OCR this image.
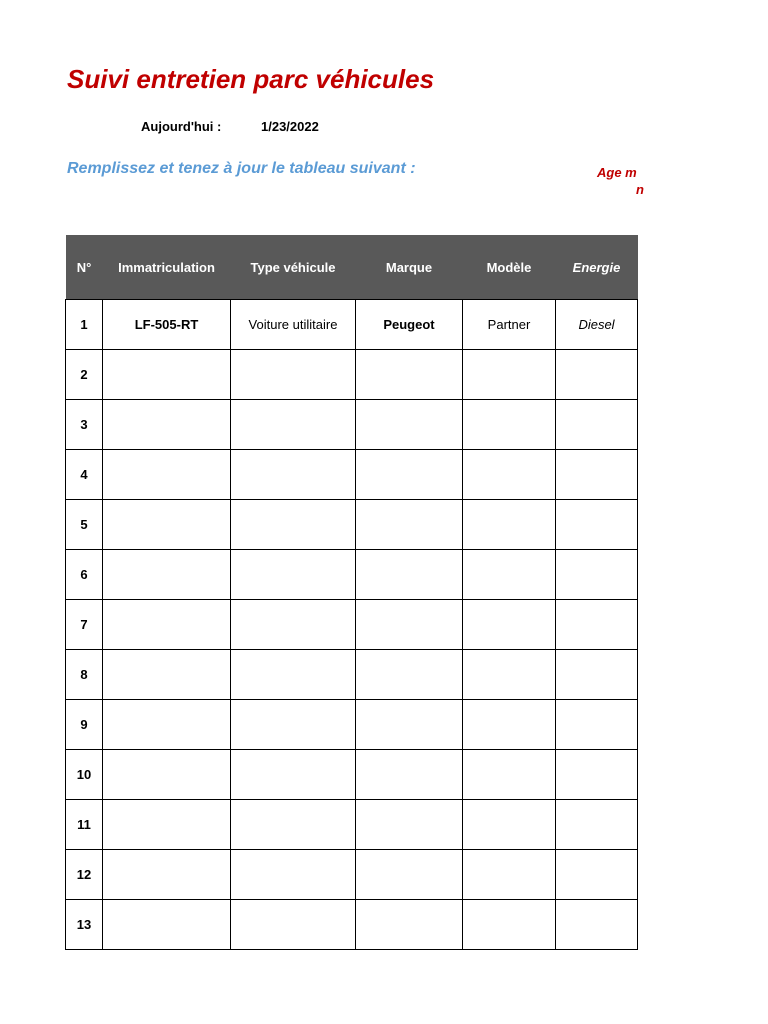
Suivi entretien parc véhicules
Aujourd'hui :	1/23/2022
Remplissez et tenez à jour le tableau suivant :	Age m
n
N°	Immatriculation	Type véhicule	Marque	Modèle	Energie
1	LF-505-RT	Voiture utilitaire	Peugeot	Partner	Diesel
2					
3					
4					
5					
6					
7					
8					
9					
10					
11					
12					
13					
